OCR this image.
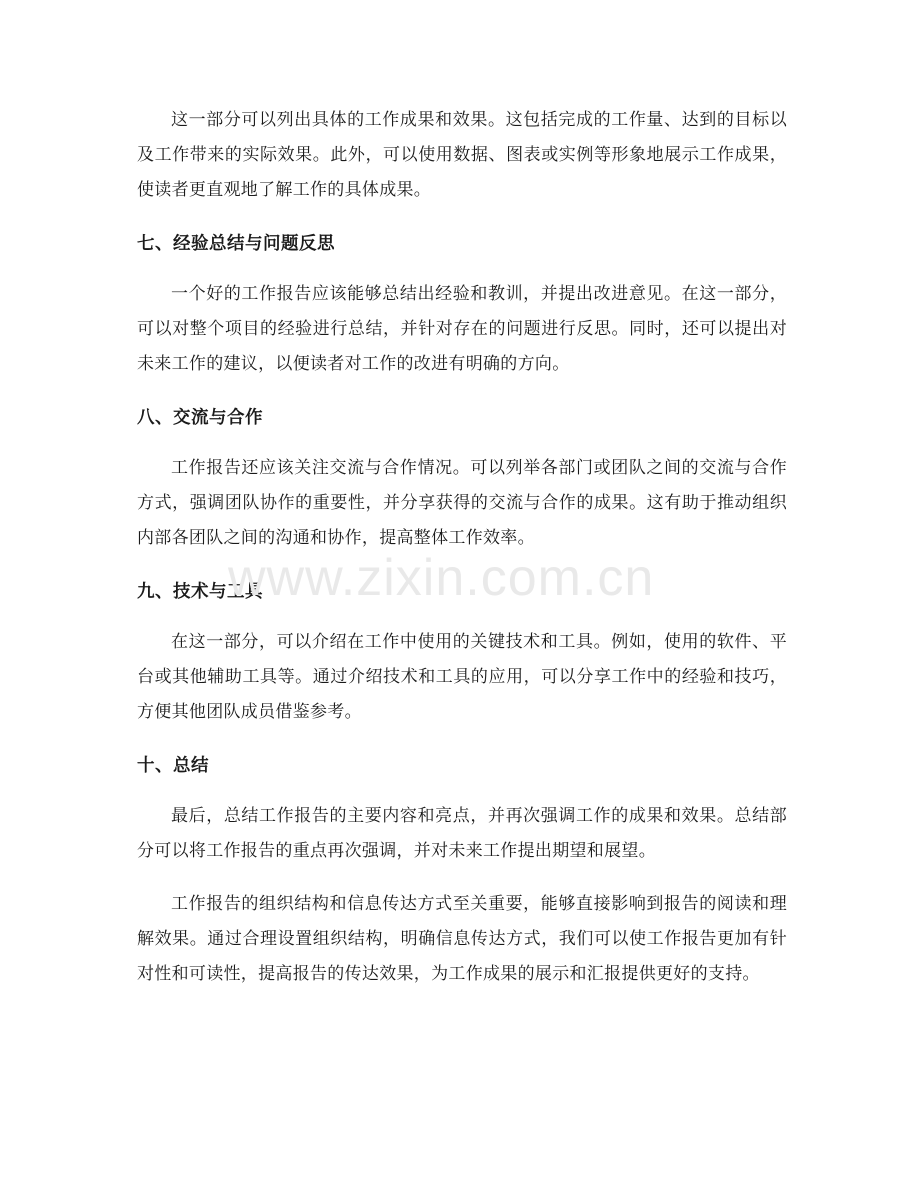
这一部分可以列出具体的工作成果和效果。这包括完成的工作量、达到的目标以及工作带来的实际效果。此外，可以使用数据、图表或实例等形象地展示工作成果，使读者更直观地了解工作的具体成果。

七、经验总结与问题反思

一个好的工作报告应该能够总结出经验和教训，并提出改进意见。在这一部分，可以对整个项目的经验进行总结，并针对存在的问题进行反思。同时，还可以提出对未来工作的建议，以便读者对工作的改进有明确的方向。

八、交流与合作

工作报告还应该关注交流与合作情况。可以列举各部门或团队之间的交流与合作方式，强调团队协作的重要性，并分享获得的交流与合作的成果。这有助于推动组织内部各团队之间的沟通和协作，提高整体工作效率。

九、技术与工具

在这一部分，可以介绍在工作中使用的关键技术和工具。例如，使用的软件、平台或其他辅助工具等。通过介绍技术和工具的应用，可以分享工作中的经验和技巧，方便其他团队成员借鉴参考。

十、总结

最后，总结工作报告的主要内容和亮点，并再次强调工作的成果和效果。总结部分可以将工作报告的重点再次强调，并对未来工作提出期望和展望。

工作报告的组织结构和信息传达方式至关重要，能够直接影响到报告的阅读和理解效果。通过合理设置组织结构，明确信息传达方式，我们可以使工作报告更加有针对性和可读性，提高报告的传达效果，为工作成果的展示和汇报提供更好的支持。

www.zixin.com.cn
